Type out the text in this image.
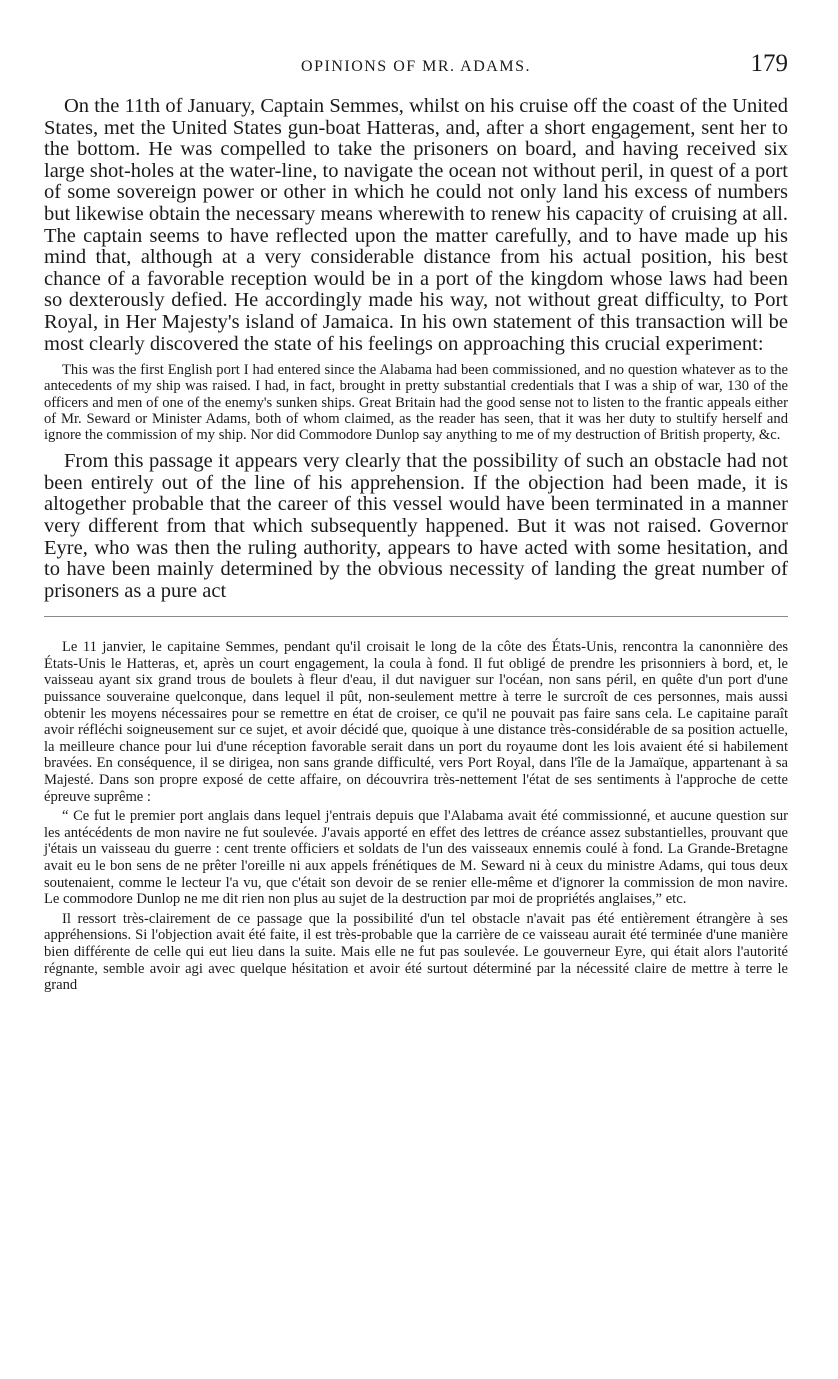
OPINIONS OF MR. ADAMS.	179

On the 11th of January, Captain Semmes, whilst on his cruise off the coast of the United States, met the United States gun-boat Hatteras, and, after a short engagement, sent her to the bottom. He was compelled to take the prisoners on board, and having received six large shot-holes at the water-line, to navigate the ocean not without peril, in quest of a port of some sovereign power or other in which he could not only land his excess of numbers but likewise obtain the necessary means wherewith to renew his capacity of cruising at all. The captain seems to have reflected upon the matter carefully, and to have made up his mind that, although at a very considerable distance from his actual position, his best chance of a favorable reception would be in a port of the kingdom whose laws had been so dexterously defied. He accordingly made his way, not without great difficulty, to Port Royal, in Her Majesty's island of Jamaica. In his own statement of this transaction will be most clearly discovered the state of his feelings on approaching this crucial experiment:

This was the first English port I had entered since the Alabama had been commissioned, and no question whatever as to the antecedents of my ship was raised. I had, in fact, brought in pretty substantial credentials that I was a ship of war, 130 of the officers and men of one of the enemy's sunken ships. Great Britain had the good sense not to listen to the frantic appeals either of Mr. Seward or Minister Adams, both of whom claimed, as the reader has seen, that it was her duty to stultify herself and ignore the commission of my ship. Nor did Commodore Dunlop say anything to me of my destruction of British property, &c.

From this passage it appears very clearly that the possibility of such an obstacle had not been entirely out of the line of his apprehension. If the objection had been made, it is altogether probable that the career of this vessel would have been terminated in a manner very different from that which subsequently happened. But it was not raised. Governor Eyre, who was then the ruling authority, appears to have acted with some hesitation, and to have been mainly determined by the obvious necessity of landing the great number of prisoners as a pure act

Le 11 janvier, le capitaine Semmes, pendant qu'il croisait le long de la côte des États-Unis, rencontra la canonnière des États-Unis le Hatteras, et, après un court engagement, la coula à fond. Il fut obligé de prendre les prisonniers à bord, et, le vaisseau ayant six grand trous de boulets à fleur d'eau, il dut naviguer sur l'océan, non sans péril, en quête d'un port d'une puissance souveraine quelconque, dans lequel il pût, non-seulement mettre à terre le surcroît de ces personnes, mais aussi obtenir les moyens nécessaires pour se remettre en état de croiser, ce qu'il ne pouvait pas faire sans cela. Le capitaine paraît avoir réfléchi soigneusement sur ce sujet, et avoir décidé que, quoique à une distance très-considérable de sa position actuelle, la meilleure chance pour lui d'une réception favorable serait dans un port du royaume dont les lois avaient été si habilement bravées. En conséquence, il se dirigea, non sans grande difficulté, vers Port Royal, dans l'île de la Jamaïque, appartenant à sa Majesté. Dans son propre exposé de cette affaire, on découvrira très-nettement l'état de ses sentiments à l'approche de cette épreuve suprême :

“ Ce fut le premier port anglais dans lequel j'entrais depuis que l'Alabama avait été commissionné, et aucune question sur les antécédents de mon navire ne fut soulevée. J'avais apporté en effet des lettres de créance assez substantielles, prouvant que j'étais un vaisseau du guerre : cent trente officiers et soldats de l'un des vaisseaux ennemis coulé à fond. La Grande-Bretagne avait eu le bon sens de ne prêter l'oreille ni aux appels frénétiques de M. Seward ni à ceux du ministre Adams, qui tous deux soutenaient, comme le lecteur l'a vu, que c'était son devoir de se renier elle-même et d'ignorer la commission de mon navire. Le commodore Dunlop ne me dit rien non plus au sujet de la destruction par moi de propriétés anglaises,” etc.

Il ressort très-clairement de ce passage que la possibilité d'un tel obstacle n'avait pas été entièrement étrangère à ses appréhensions. Si l'objection avait été faite, il est très-probable que la carrière de ce vaisseau aurait été terminée d'une manière bien différente de celle qui eut lieu dans la suite. Mais elle ne fut pas soulevée. Le gouverneur Eyre, qui était alors l'autorité régnante, semble avoir agi avec quelque hésitation et avoir été surtout déterminé par la nécessité claire de mettre à terre le grand
